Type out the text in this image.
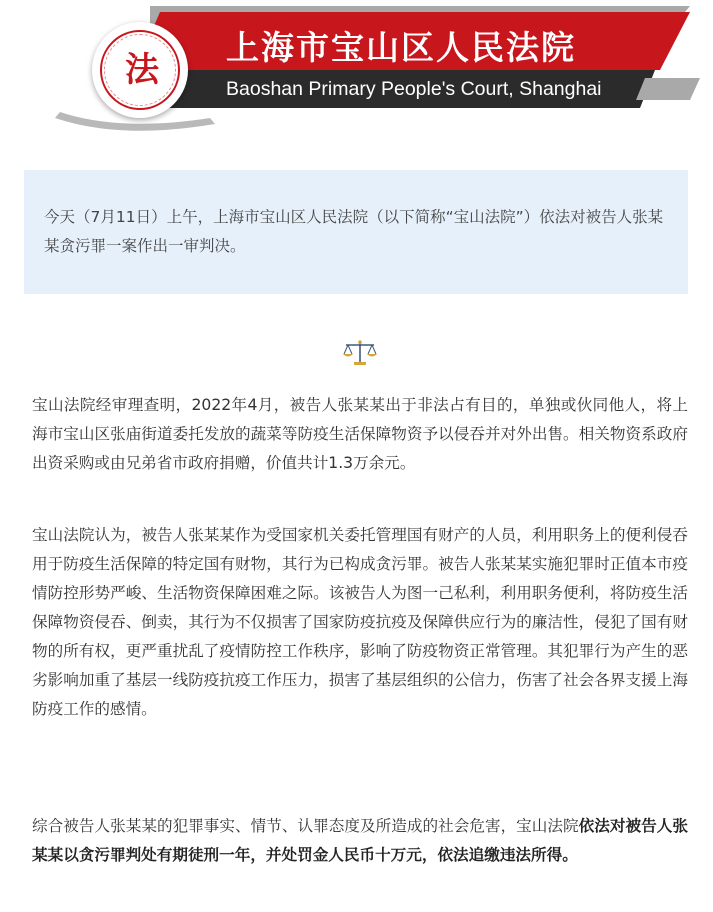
法
上海市宝山区人民法院
Baoshan Primary People's Court, Shanghai

今天（7月11日）上午，上海市宝山区人民法院（以下简称“宝山法院”）依法对被告人张某某贪污罪一案作出一审判决。

宝山法院经审理查明，2022年4月，被告人张某某出于非法占有目的，单独或伙同他人，将上海市宝山区张庙街道委托发放的蔬菜等防疫生活保障物资予以侵吞并对外出售。相关物资系政府出资采购或由兄弟省市政府捐赠，价值共计1.3万余元。

宝山法院认为，被告人张某某作为受国家机关委托管理国有财产的人员，利用职务上的便利侵吞用于防疫生活保障的特定国有财物，其行为已构成贪污罪。被告人张某某实施犯罪时正值本市疫情防控形势严峻、生活物资保障困难之际。该被告人为图一己私利，利用职务便利，将防疫生活保障物资侵吞、倒卖，其行为不仅损害了国家防疫抗疫及保障供应行为的廉洁性，侵犯了国有财物的所有权，更严重扰乱了疫情防控工作秩序，影响了防疫物资正常管理。其犯罪行为产生的恶劣影响加重了基层一线防疫抗疫工作压力，损害了基层组织的公信力，伤害了社会各界支援上海防疫工作的感情。

综合被告人张某某的犯罪事实、情节、认罪态度及所造成的社会危害，宝山法院依法对被告人张某某以贪污罪判处有期徒刑一年，并处罚金人民币十万元，依法追缴违法所得。
